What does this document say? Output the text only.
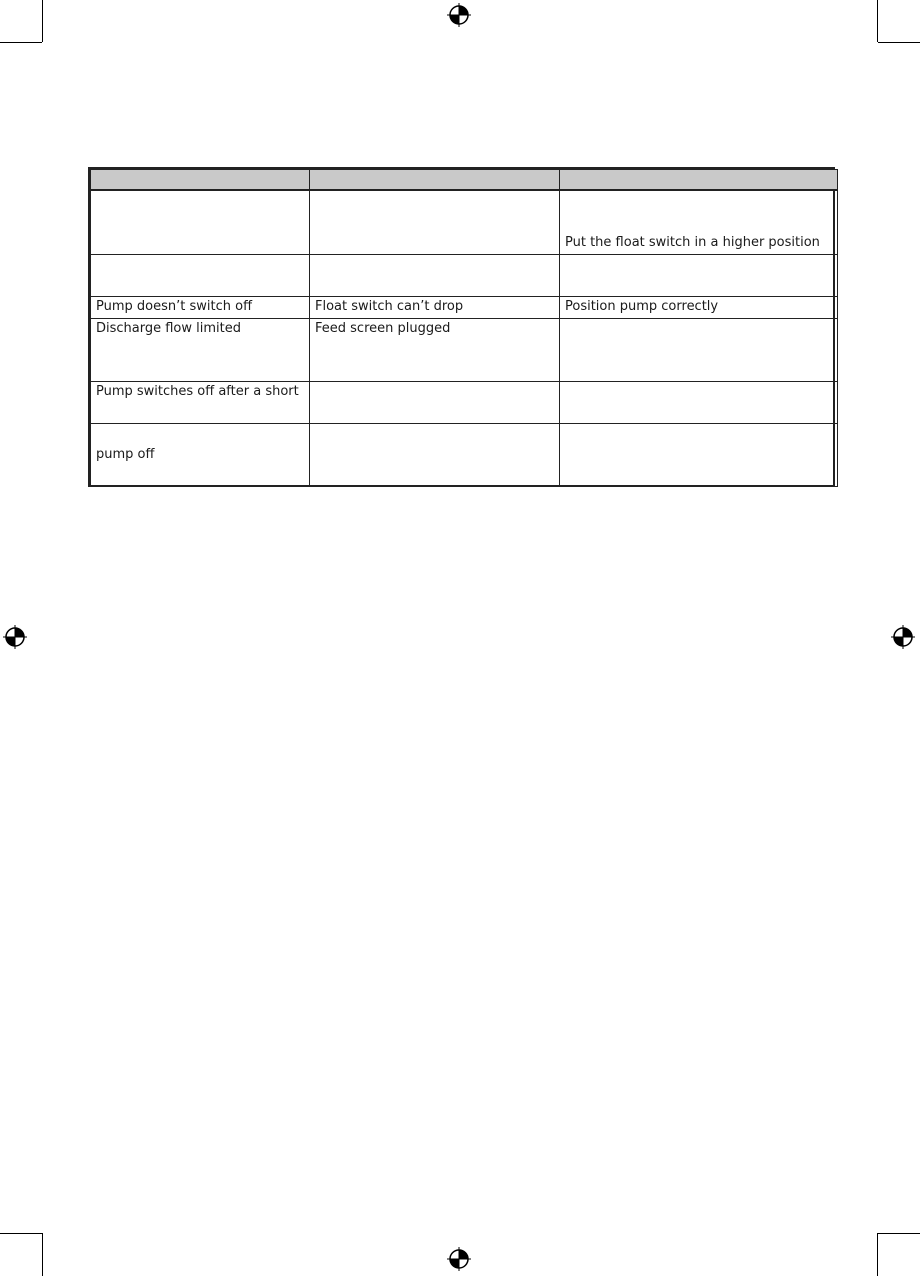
		Put the float switch in a higher position

Pump doesn’t switch off	Float switch can’t drop	Position pump correctly
Discharge flow limited	Feed screen plugged	
Pump switches off after a short		
pump off		
